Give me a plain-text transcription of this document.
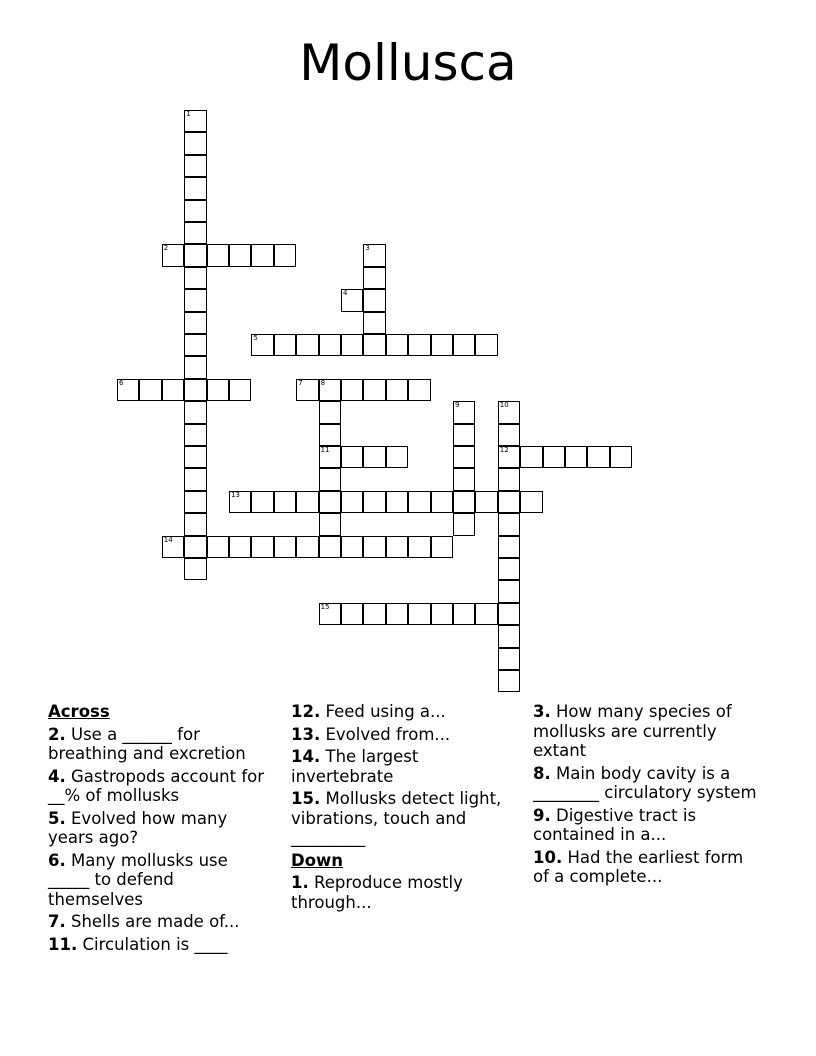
Mollusca
1
2	3
4
5
6	7	8
11
9	10
12
13
14
15
Across
2. Use a ______ for breathing and excretion
4. Gastropods account for __% of mollusks
5. Evolved how many years ago?
6. Many mollusks use _____ to defend themselves
7. Shells are made of...
11. Circulation is ____
12. Feed using a...
13. Evolved from...
14. The largest invertebrate
15. Mollusks detect light, vibrations, touch and _________
Down
1. Reproduce mostly through...
3. How many species of mollusks are currently extant
8. Main body cavity is a ________ circulatory system
9. Digestive tract is contained in a...
10. Had the earliest form of a complete...
